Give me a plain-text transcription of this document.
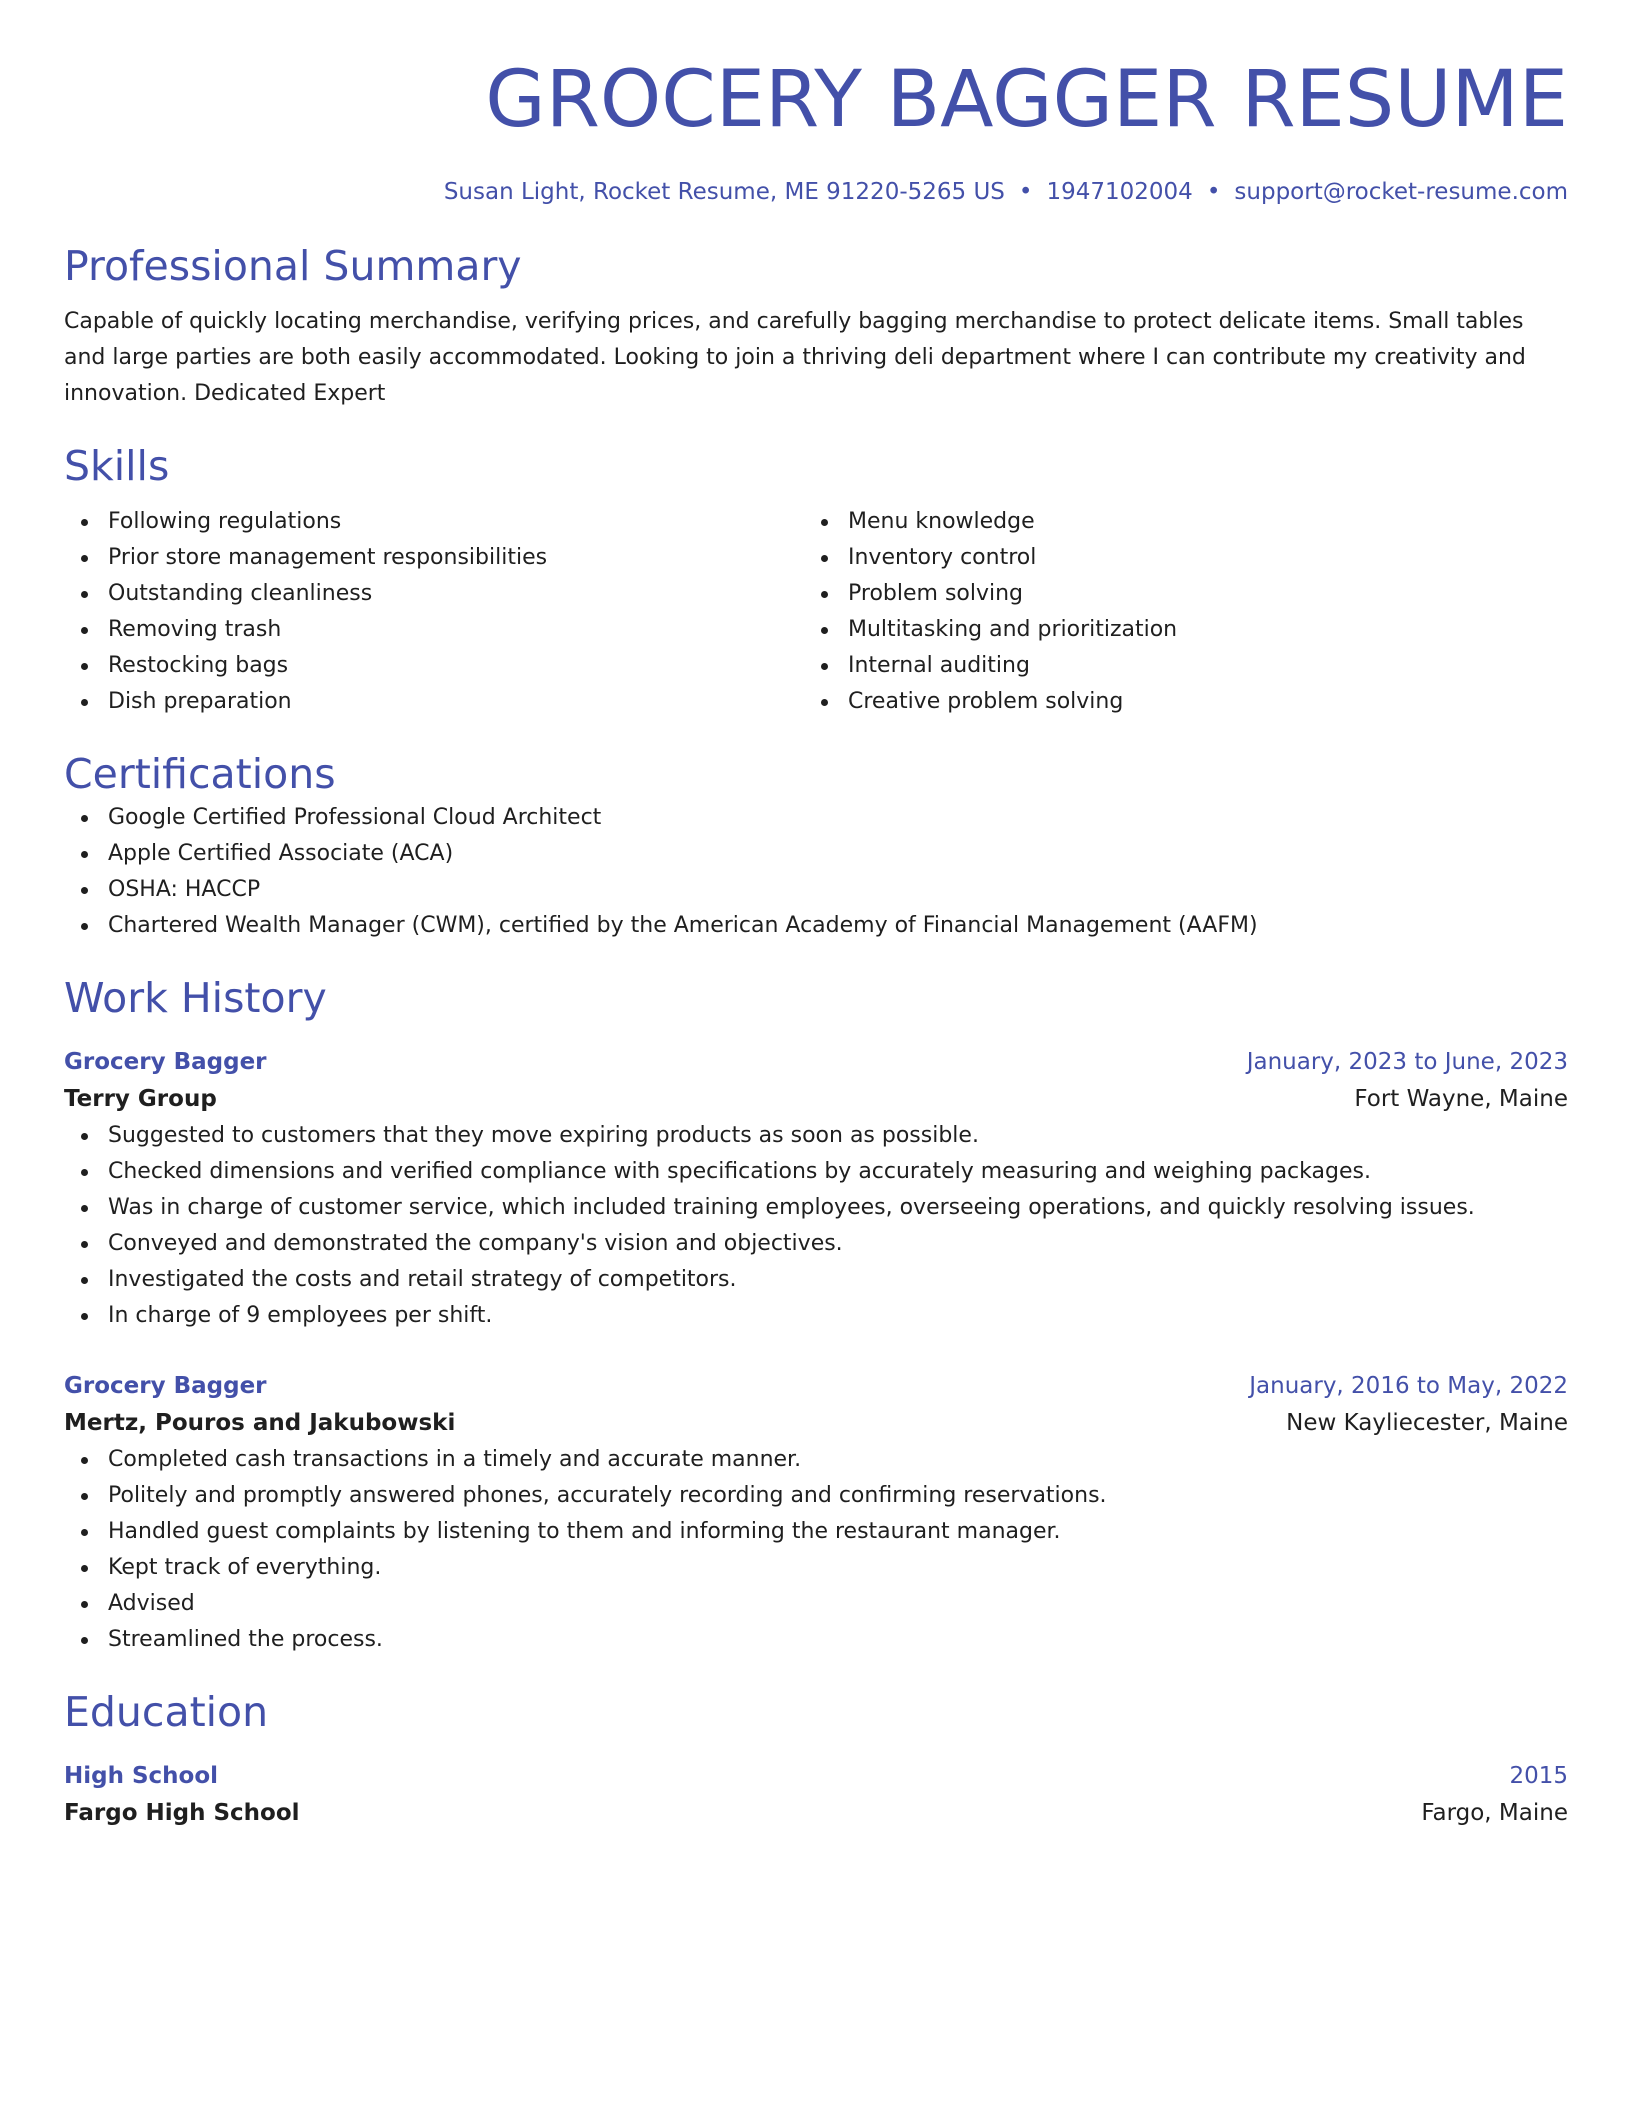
GROCERY BAGGER RESUME
Susan Light, Rocket Resume, ME 91220-5265 US • 1947102004 • support@rocket-resume.com
Professional Summary
Capable of quickly locating merchandise, verifying prices, and carefully bagging merchandise to protect delicate items. Small tables and large parties are both easily accommodated. Looking to join a thriving deli department where I can contribute my creativity and innovation. Dedicated Expert
Skills
Following regulations
Prior store management responsibilities
Outstanding cleanliness
Removing trash
Restocking bags
Dish preparation
Menu knowledge
Inventory control
Problem solving
Multitasking and prioritization
Internal auditing
Creative problem solving
Certifications
Google Certified Professional Cloud Architect
Apple Certified Associate (ACA)
OSHA: HACCP
Chartered Wealth Manager (CWM), certified by the American Academy of Financial Management (AAFM)
Work History
Grocery Bagger	January, 2023 to June, 2023
Terry Group	Fort Wayne, Maine
Suggested to customers that they move expiring products as soon as possible.
Checked dimensions and verified compliance with specifications by accurately measuring and weighing packages.
Was in charge of customer service, which included training employees, overseeing operations, and quickly resolving issues.
Conveyed and demonstrated the company's vision and objectives.
Investigated the costs and retail strategy of competitors.
In charge of 9 employees per shift.
Grocery Bagger	January, 2016 to May, 2022
Mertz, Pouros and Jakubowski	New Kayliecester, Maine
Completed cash transactions in a timely and accurate manner.
Politely and promptly answered phones, accurately recording and confirming reservations.
Handled guest complaints by listening to them and informing the restaurant manager.
Kept track of everything.
Advised
Streamlined the process.
Education
High School	2015
Fargo High School	Fargo, Maine
